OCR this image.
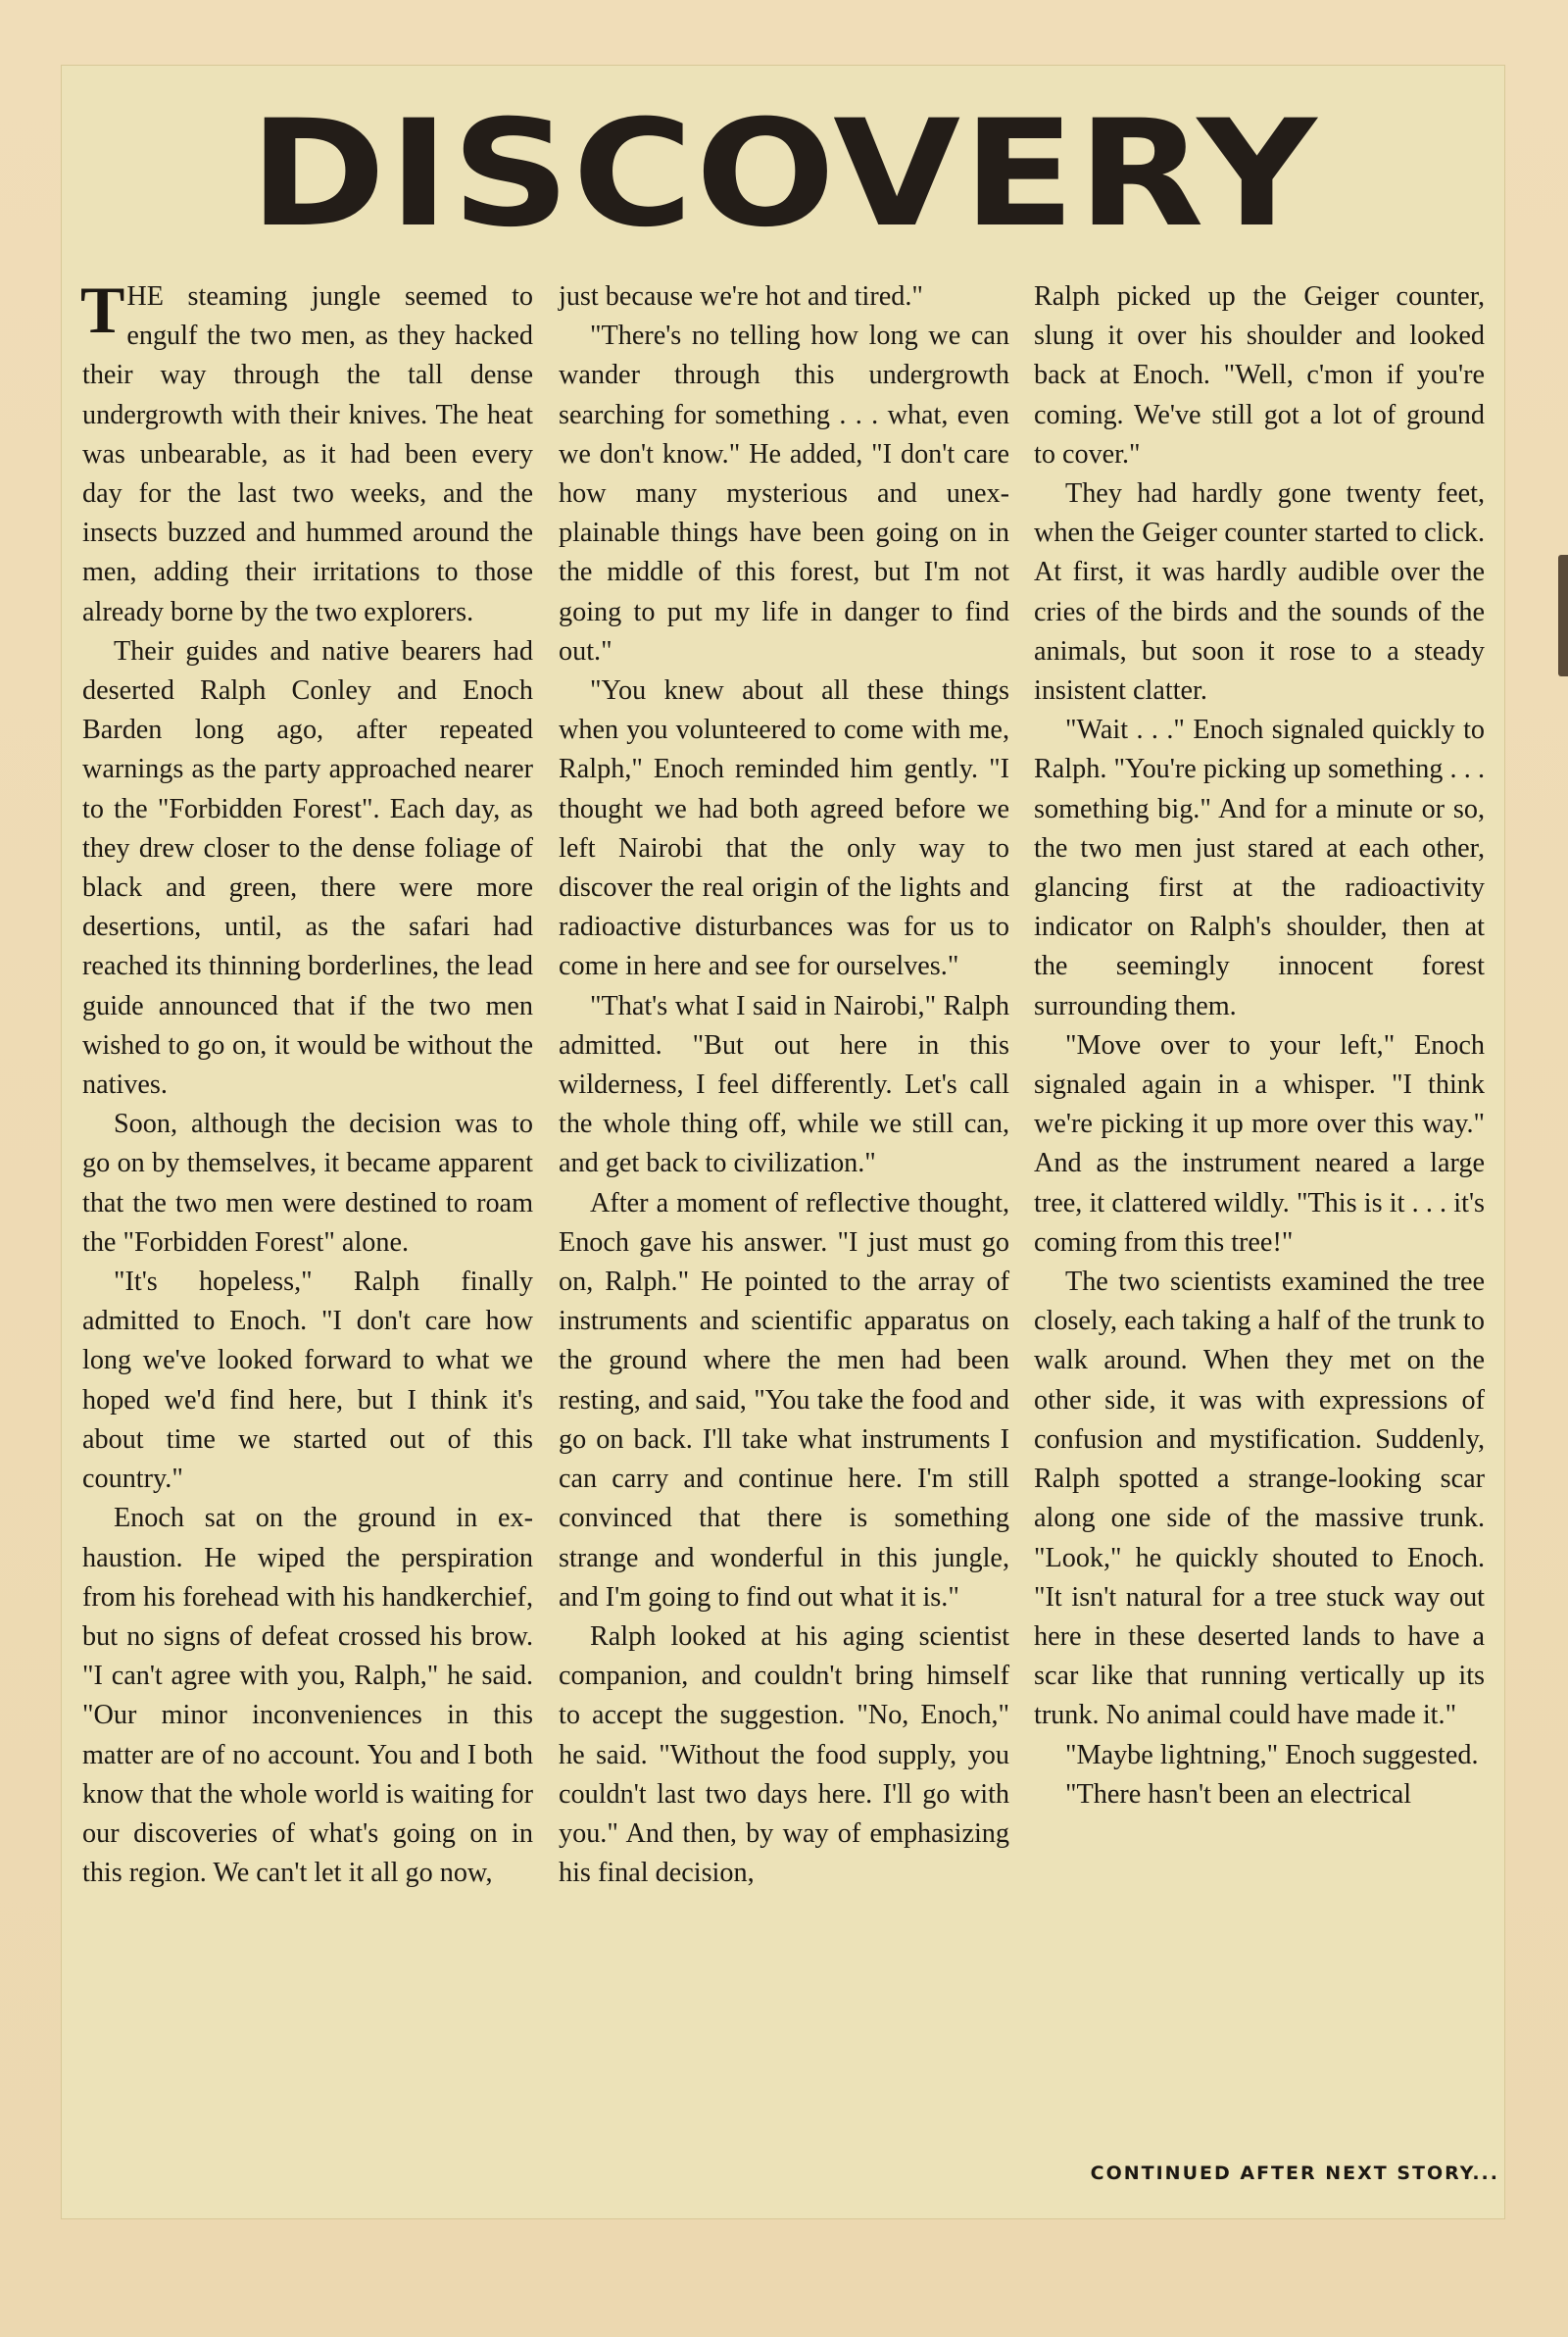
DISCOVERY

THE steaming jungle seemed to engulf the two men, as they hacked their way through the tall dense undergrowth with their knives. The heat was unbearable, as it had been every day for the last two weeks, and the insects buzzed and hummed around the men, adding their irritations to those already borne by the two explorers.

Their guides and native bearers had deserted Ralph Conley and Enoch Barden long ago, after repeated warnings as the party approached nearer to the "Forbidden Forest". Each day, as they drew closer to the dense foliage of black and green, there were more desertions, until, as the safari had reached its thinning borderlines, the lead guide announced that if the two men wished to go on, it would be without the natives.

Soon, although the decision was to go on by themselves, it became apparent that the two men were destined to roam the "Forbidden Forest" alone.

"It's hopeless," Ralph finally admitted to Enoch. "I don't care how long we've looked forward to what we hoped we'd find here, but I think it's about time we started out of this country."

Enoch sat on the ground in exhaustion. He wiped the perspiration from his forehead with his handkerchief, but no signs of defeat crossed his brow. "I can't agree with you, Ralph," he said. "Our minor inconveniences in this matter are of no account. You and I both know that the whole world is waiting for our discoveries of what's going on in this region. We can't let it all go now,

just because we're hot and tired."

"There's no telling how long we can wander through this undergrowth searching for something . . . what, even we don't know." He added, "I don't care how many mysterious and unexplainable things have been going on in the middle of this forest, but I'm not going to put my life in danger to find out."

"You knew about all these things when you volunteered to come with me, Ralph," Enoch reminded him gently. "I thought we had both agreed before we left Nairobi that the only way to discover the real origin of the lights and radioactive disturbances was for us to come in here and see for ourselves."

"That's what I said in Nairobi," Ralph admitted. "But out here in this wilderness, I feel differently. Let's call the whole thing off, while we still can, and get back to civilization."

After a moment of reflective thought, Enoch gave his answer. "I just must go on, Ralph." He pointed to the array of instruments and scientific apparatus on the ground where the men had been resting, and said, "You take the food and go on back. I'll take what instruments I can carry and continue here. I'm still convinced that there is something strange and wonderful in this jungle, and I'm going to find out what it is."

Ralph looked at his aging scientist companion, and couldn't bring himself to accept the suggestion. "No, Enoch," he said. "Without the food supply, you couldn't last two days here. I'll go with you." And then, by way of emphasizing his final decision,

Ralph picked up the Geiger counter, slung it over his shoulder and looked back at Enoch. "Well, c'mon if you're coming. We've still got a lot of ground to cover."

They had hardly gone twenty feet, when the Geiger counter started to click. At first, it was hardly audible over the cries of the birds and the sounds of the animals, but soon it rose to a steady insistent clatter.

"Wait . . ." Enoch signaled quickly to Ralph. "You're picking up something . . . something big." And for a minute or so, the two men just stared at each other, glancing first at the radioactivity indicator on Ralph's shoulder, then at the seemingly innocent forest surrounding them.

"Move over to your left," Enoch signaled again in a whisper. "I think we're picking it up more over this way." And as the instrument neared a large tree, it clattered wildly. "This is it . . . it's coming from this tree!"

The two scientists examined the tree closely, each taking a half of the trunk to walk around. When they met on the other side, it was with expressions of confusion and mystification. Suddenly, Ralph spotted a strange-looking scar along one side of the massive trunk. "Look," he quickly shouted to Enoch. "It isn't natural for a tree stuck way out here in these deserted lands to have a scar like that running vertically up its trunk. No animal could have made it."

"Maybe lightning," Enoch suggested.

"There hasn't been an electrical

CONTINUED AFTER NEXT STORY...
